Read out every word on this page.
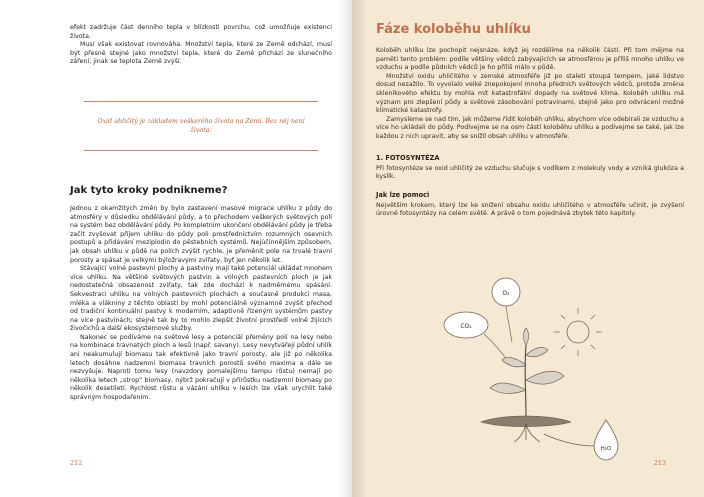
efekt zadržuje část denního tepla v blízkosti povrchu, což umožňuje existenci života.

Musí však existovat rovnováha. Množství tepla, které ze Země odchází, musí být přesně stejné jako množství tepla, které do Země přichází ze slunečního záření, jinak se teplota Země zvýší.

Oxid uhličitý je základem veškerého života na Zemi. Bez něj není života.

Jak tyto kroky podnikneme?

Jednou z okamžitých změn by bylo zastavení masové migrace uhlíku z půdy do atmosféry v důsledku obdělávání půdy, a to přechodem veškerých světových polí na systém bez obdělávání půdy. Po kompletním ukončení obdělávání půdy je třeba začít zvyšovat příjem uhlíku do půdy poli prostřednictvím rozumných osevních postupů a přidávání meziplodin do pěstebních systémů. Nejúčinnějším způsobem, jak obsah uhlíku v půdě na polích zvýšit rychle, je přeměnit pole na trvalé travní porosty a spásat je velkými býložravými zvířaty, byť jen několik let.

Stávající volné pastevní plochy a pastviny mají také potenciál ukládat mnohem více uhlíku. Na většině světových pastvin a volných pastevních ploch je jak nedostatečná obsazenost zvířaty, tak zde dochází k nadměrnému spásání. Sekvestraci uhlíku na volných pastevních plochách a současně produkci masa, mléka a vlákniny z těchto oblastí by mohl potenciálně významně zvýšit přechod od tradiční kontinuální pastvy k moderním, adaptivně řízeným systémům pastvy na více pastvinách; stejně tak by to mohlo zlepšit životní prostředí volně žijících živočichů a další ekosystémové služby.

Nakonec se podíváme na světové lesy a potenciál přeměny polí na lesy nebo na kombinace travnatých ploch a lesů (např. savany). Lesy nevytvářejí půdní uhlík ani neakumulují biomasu tak efektivně jako travní porosty, ale již po několika letech dosáhne nadzemní biomasa travních porostů svého maxima a dále se nezvyšuje. Naproti tomu lesy (navzdory pomalejšímu tempu růstu) nemají po několika letech „strop“ biomasy, nýbrž pokračují v přírůstku nadzemní biomasy po několik desetiletí. Rychlost růstu a vázání uhlíku v lesích lze však urychlit také správným hospodařením.

212
Fáze koloběhu uhlíku

Koloběh uhlíku lze pochopit nejsnáze, když jej rozdělíme na několik částí. Při tom mějme na paměti tento problém: podíle většiny vědců zabývajících se atmosférou je příliš mnoho uhlíku ve vzduchu a podíle půdních vědců je ho příliš málo v půdě.

Množství oxidu uhličitého v zemské atmosféře již po staletí stoupá tempem, jaké lidstvo dosud nezažilo. To vyvolalo velké znepokojení mnoha předních světových vědců, protože změna skleníkového efektu by mohla mít katastrofální dopady na světové klima. Koloběh uhlíku má význam pro zlepšení půdy a světové zásobování potravinami, stejně jako pro odvrácení možné klimatické katastrofy.

Zamysleme se nad tím, jak můžeme řídit koloběh uhlíku, abychom více odebírali ze vzduchu a více ho ukládali do půdy. Podívejme se na osm částí koloběhu uhlíku a podívejme se také, jak lze každou z nich upravit, aby se snížil obsah uhlíku v atmosféře.

1. FOTOSYNTÉZA

Při fotosyntéze se oxid uhličitý ze vzduchu slučuje s vodíkem z molekuly vody a vzniká glukóza a kyslík.

Jak lze pomoci

Největším krokem, který lze ke snížení obsahu oxidu uhličitého v atmosféře učinit, je zvýšení úrovně fotosyntézy na celém světě. A právě o tom pojednává zbytek této kapitoly.

O₂
CO₂
H₂O
213
